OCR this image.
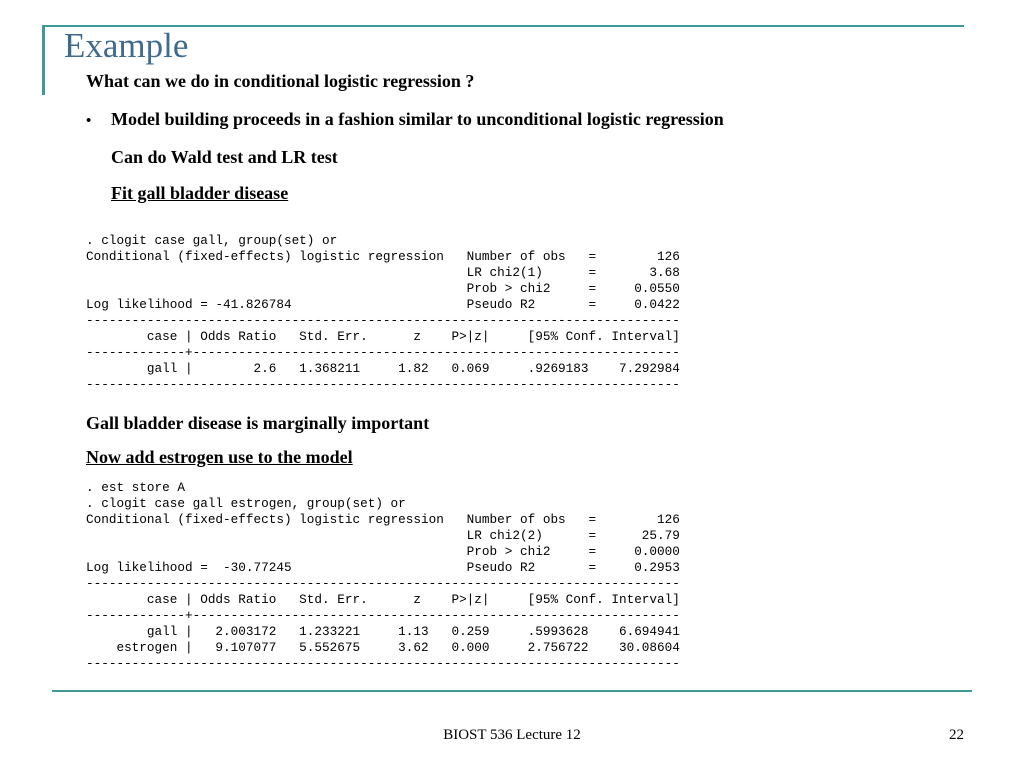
Example
What can we do in conditional logistic regression ?
• Model building proceeds in a fashion similar to unconditional logistic regression
Can do Wald test and LR test
Fit gall bladder disease
. clogit case gall, group(set) or
Conditional (fixed-effects) logistic regression   Number of obs   =        126
LR chi2(1)      =       3.68
Prob > chi2     =     0.0550
Log likelihood = -41.826784                       Pseudo R2       =     0.0422
------------------------------------------------------------------------------
case | Odds Ratio   Std. Err.      z    P>|z|     [95% Conf. Interval]
-------------+----------------------------------------------------------------
gall |        2.6   1.368211     1.82   0.069     .9269183    7.292984
------------------------------------------------------------------------------

Gall bladder disease is marginally important
Now add estrogen use to the model
. est store A
. clogit case gall estrogen, group(set) or
Conditional (fixed-effects) logistic regression   Number of obs   =        126
LR chi2(2)      =      25.79
Prob > chi2     =     0.0000
Log likelihood =  -30.77245                       Pseudo R2       =     0.2953
------------------------------------------------------------------------------
case | Odds Ratio   Std. Err.      z    P>|z|     [95% Conf. Interval]
-------------+----------------------------------------------------------------
gall |   2.003172   1.233221     1.13   0.259     .5993628    6.694941
estrogen |   9.107077   5.552675     3.62   0.000     2.756722    30.08604
------------------------------------------------------------------------------

BIOST 536 Lecture 12	22
